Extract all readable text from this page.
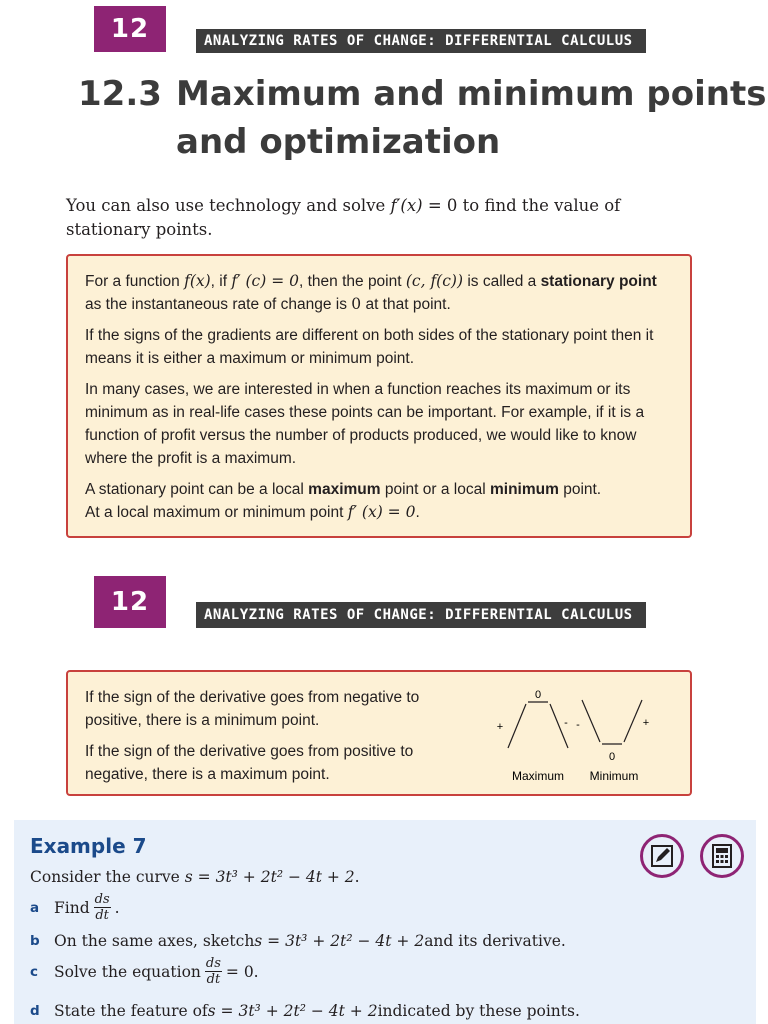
12	ANALYZING RATES OF CHANGE: DIFFERENTIAL CALCULUS
12.3 Maximum and minimum points
and optimization
You can also use technology and solve f′(x) = 0 to find the value of stationary points.

For a function f(x), if f′ (c) = 0, then the point (c, f(c)) is called a stationary point as the instantaneous rate of change is 0 at that point.

If the signs of the gradients are different on both sides of the stationary point then it means it is either a maximum or minimum point.

In many cases, we are interested in when a function reaches its maximum or its minimum as in real-life cases these points can be important. For example, if it is a function of profit versus the number of products produced, we would like to know where the profit is a maximum.

A stationary point can be a local maximum point or a local minimum point.
At a local maximum or minimum point f′ (x) = 0.

12	ANALYZING RATES OF CHANGE: DIFFERENTIAL CALCULUS

If the sign of the derivative goes from negative to positive, there is a minimum point.

If the sign of the derivative goes from positive to negative, there is a maximum point.

0
+	- -
0
+
Maximum Minimum
Example 7
Consider the curve
s = 3t³ + 2t² − 4t + 2 .
a Find $\frac{ds}{dt}$ .
b On the same axes, sketch s = 3t³ + 2t² − 4t + 2 and its derivative.
c	Solve the equation $\frac{ds}{dt} = 0$.
d State the feature of s = 3t³ + 2t² − 4t + 2 indicated by these points.
